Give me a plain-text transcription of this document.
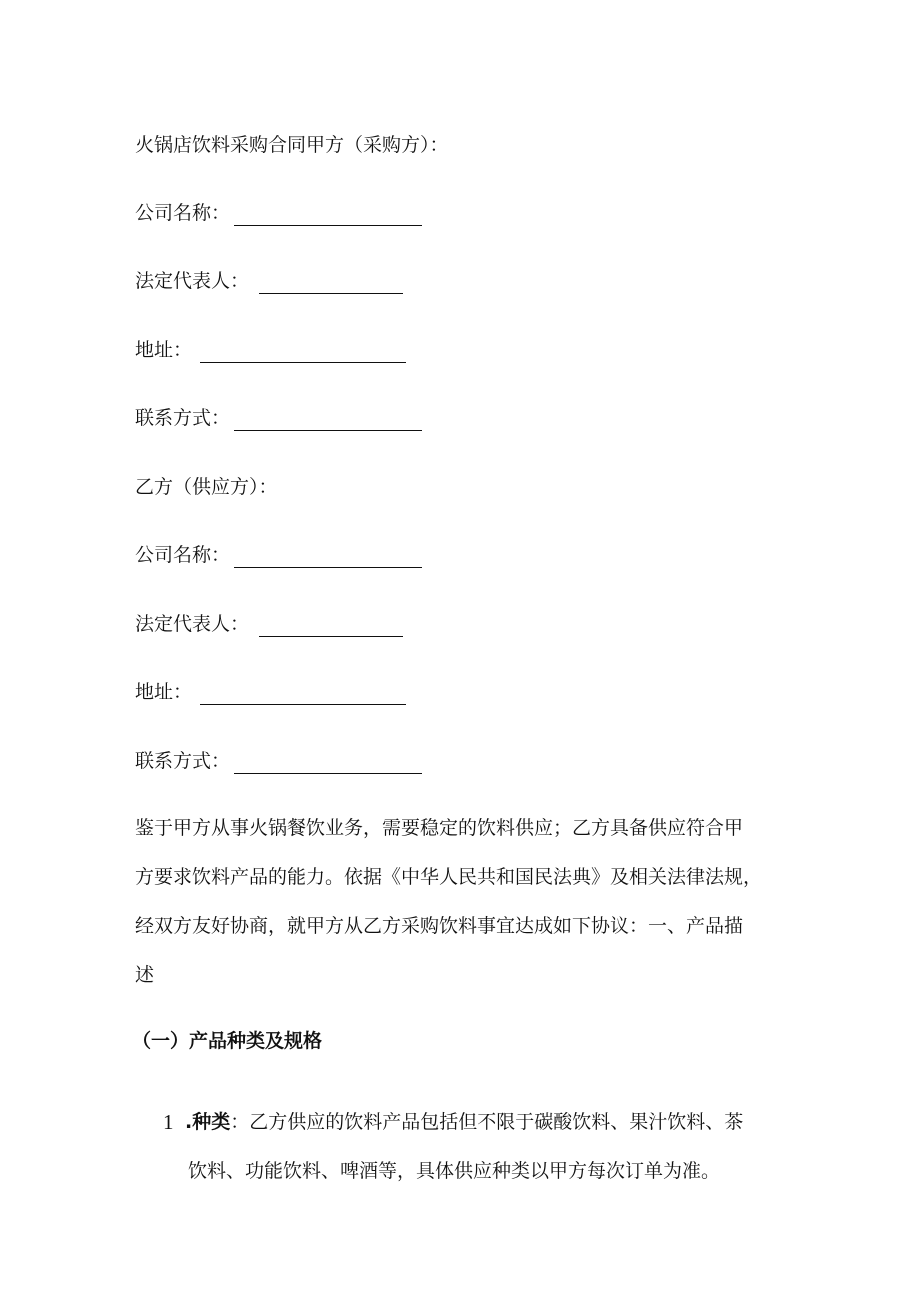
火锅店饮料采购合同甲方（采购方）：
公司名称：
法定代表人：
地址：
联系方式：
乙方（供应方）：
公司名称：
法定代表人：
地址：
联系方式：
鉴于甲方从事火锅餐饮业务，需要稳定的饮料供应；乙方具备供应符合甲
方要求饮料产品的能力。依据《中华人民共和国民法典》及相关法律法规，
经双方友好协商，就甲方从乙方采购饮料事宜达成如下协议：一、产品描
述
（一）产品种类及规格
1 .种类：乙方供应的饮料产品包括但不限于碳酸饮料、果汁饮料、茶
饮料、功能饮料、啤酒等，具体供应种类以甲方每次订单为准。
